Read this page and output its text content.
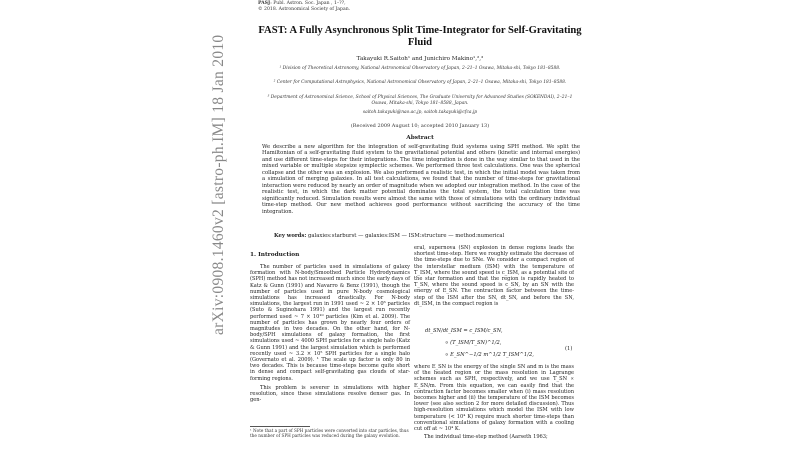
PASJ: Publ. Astron. Soc. Japan , 1–??,
© 2018. Astronomical Society of Japan.
arXiv:0908.1460v2 [astro-ph.IM] 18 Jan 2010
FAST: A Fully Asynchronous Split Time-Integrator for Self-Gravitating Fluid
Takayuki R.Saitoh¹ and Junichiro Makino¹,²,³
¹ Division of Theoretical Astronomy, National Astronomical Observatory of Japan, 2–21–1 Osawa, Mitaka-shi, Tokyo 181–8588.
² Center for Computational Astrophysics, National Astronomical Observatory of Japan, 2–21–1 Osawa, Mitaka-shi, Tokyo 181–8588.
³ Department of Astronomical Science, School of Physical Sciences, The Graduate University for Advanced Studies (SOKENDAI), 2–21–1 Osawa, Mitaka-shi, Tokyo 181–8588, Japan.
saitoh.takayuki@nao.ac.jp, saitoh.takayuki@cfca.jp
(Received 2009 August 10; accepted 2010 January 13)
Abstract
We describe a new algorithm for the integration of self-gravitating fluid systems using SPH method. We split the Hamiltonian of a self-gravitating fluid system to the gravitational potential and others (kinetic and internal energies) and use different time-steps for their integrations. The time integration is done in the way similar to that used in the mixed variable or multiple stepsize symplectic schemes. We performed three test calculations. One was the spherical collapse and the other was an explosion. We also performed a realistic test, in which the initial model was taken from a simulation of merging galaxies. In all test calculations, we found that the number of time-steps for gravitational interaction were reduced by nearly an order of magnitude when we adopted our integration method. In the case of the realistic test, in which the dark matter potential dominates the total system, the total calculation time was significantly reduced. Simulation results were almost the same with those of simulations with the ordinary individual time-step method. Our new method achieves good performance without sacrificing the accuracy of the time integration.
Key words: galaxies:starburst — galaxies:ISM — ISM:structure — method:numerical
1. Introduction

The number of particles used in simulations of galaxy formation with N-body/Smoothed Particle Hydrodynamics (SPH) method has not increased much since the early days of Katz & Gunn (1991) and Navarro & Benz (1991), though the number of particles used in pure N-body cosmological simulations has increased drastically. For N-body simulations, the largest run in 1991 used ~ 2 × 10⁶ particles (Suto & Suginohara 1991) and the largest run recently performed used ~ 7 × 10¹⁰ particles (Kim et al. 2009). The number of particles has grown by nearly four orders of magnitudes in two decades. On the other hand, for N-body/SPH simulations of galaxy formation, the first simulations used ~ 4000 SPH particles for a single halo (Katz & Gunn 1991) and the largest simulation which is performed recently used ~ 3.2 × 10⁵ SPH particles for a single halo (Governato et al. 2009). ¹ The scale up factor is only 80 in two decades. This is because time-steps become quite short in dense and compact self-gravitating gas clouds of star-forming regions.

This problem is severer in simulations with higher resolution, since these simulations resolve denser gas. In gen-

¹ Note that a part of SPH particles were converted into star particles, thus the number of SPH particles was reduced during the galaxy evolution.

eral, supernova (SN) explosion in dense regions leads the shortest time-step. Here we roughly estimate the decrease of the time-steps due to SNe. We consider a compact region of the interstellar medium (ISM) with the temperature of T_ISM, where the sound speed is c_ISM, as a potential site of the star formation and that the region is rapidly heated to T_SN, where the sound speed is c_SN, by an SN with the energy of E_SN. The contraction factor between the time-step of the ISM after the SN, dt_SN, and before the SN, dt_ISM, in the compact region is

dt_SN/dt_ISM = c_ISM/c_SN,
∝ (T_ISM/T_SN)^1/2,
∝ E_SN^−1/2 m^1/2 T_ISM^1/2,
(1)

where E_SN is the energy of the single SN and m is the mass of the heated region or the mass resolution in Lagrange schemes such as SPH, respectively, and we use T_SN ∝ E_SN/m. From this equation, we can easily find that the contraction factor becomes smaller when (i) mass resolution becomes higher and (ii) the temperature of the ISM becomes lower (see also section 2 for more detailed discussion). Thus high-resolution simulations which model the ISM with low temperature (< 10⁴ K) require much shorter time-steps than conventional simulations of galaxy formation with a cooling cut off at ~ 10⁴ K.

The individual time-step method (Aarseth 1963;
